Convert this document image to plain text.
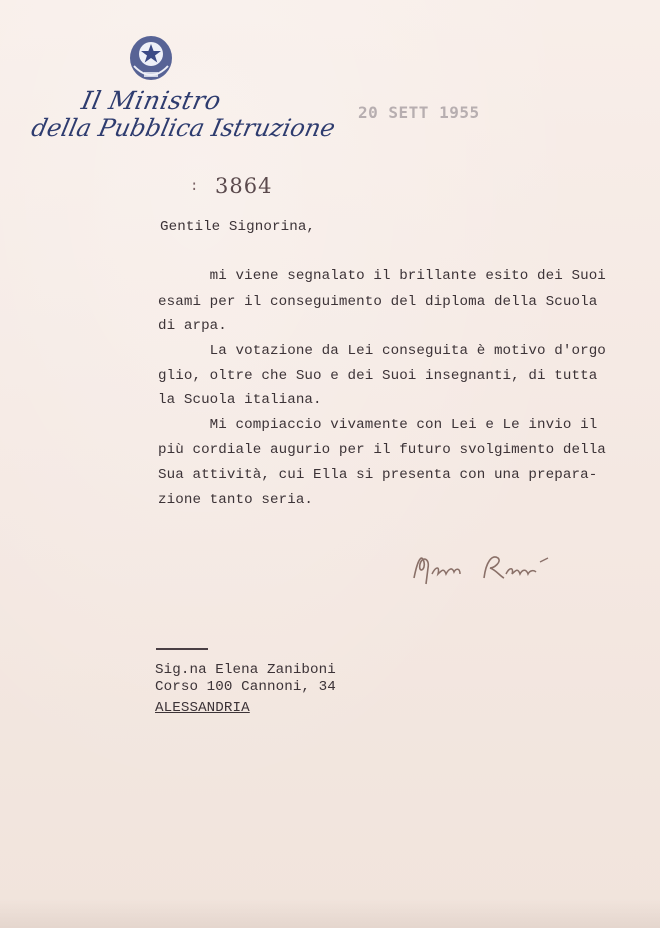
Il Ministro
della Pubblica Istruzione
20 SETT 1955
: 3864
Gentile Signorina,
mi viene segnalato il brillante esito dei Suoi
esami per il conseguimento del diploma della Scuola
di arpa.
La votazione da Lei conseguita è motivo d'orgo
glio, oltre che Suo e dei Suoi insegnanti, di tutta
la Scuola italiana.
Mi compiaccio vivamente con Lei e Le invio il
più cordiale augurio per il futuro svolgimento della
Sua attività, cui Ella si presenta con una prepara-
zione tanto seria.
Sig.na Elena Zaniboni
Corso 100 Cannoni, 34
ALESSANDRIA
